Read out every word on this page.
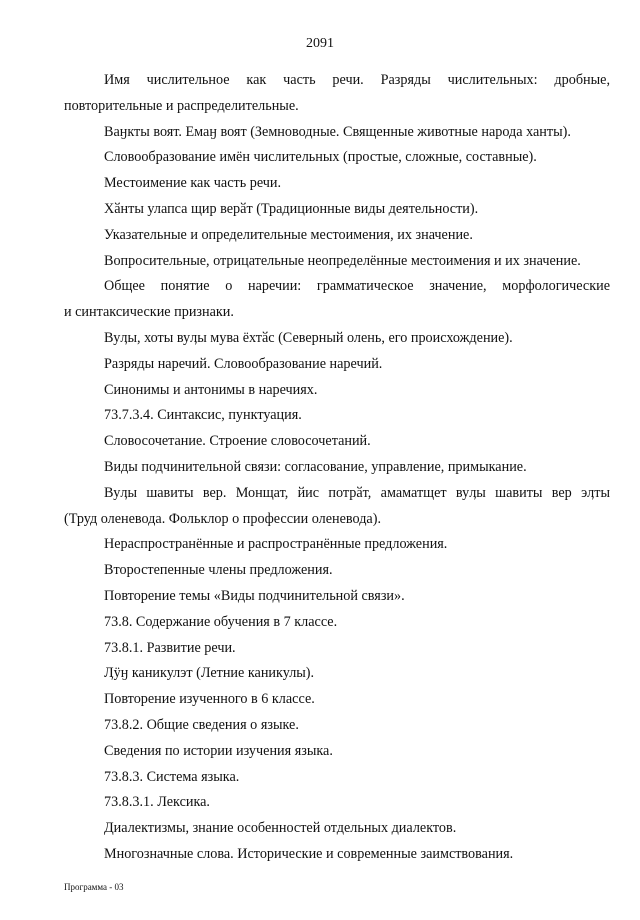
2091
Имя числительное как часть речи. Разряды числительных: дробные,
повторительные и распределительные.
Ваӈкты воят. Емаӈ воят (Земноводные. Священные животные народа ханты).
Словообразование имён числительных (простые, сложные, составные).
Местоимение как часть речи.
Хӑнты улапса щир верӑт (Традиционные виды деятельности).
Указательные и определительные местоимения, их значение.
Вопросительные, отрицательные неопределённые местоимения и их значение.
Общее понятие о наречии: грамматическое значение, морфологические
и синтаксические признаки.
Вуӆы, хоты вуӆы мува ёхтӑс (Северный олень, его происхождение).
Разряды наречий. Словообразование наречий.
Синонимы и антонимы в наречиях.
73.7.3.4. Синтаксис, пунктуация.
Словосочетание. Строение словосочетаний.
Виды подчинительной связи: согласование, управление, примыкание.
Вуӆы шавиты вер. Монщат, йис потрӑт, амаматщет вуӆы шавиты вер эӆты
(Труд оленевода. Фольклор о профессии оленевода).
Нераспространённые и распространённые предложения.
Второстепенные члены предложения.
Повторение темы «Виды подчинительной связи».
73.8. Содержание обучения в 7 классе.
73.8.1. Развитие речи.
Ӆӱӈ каникулэт (Летние каникулы).
Повторение изученного в 6 классе.
73.8.2. Общие сведения о языке.
Сведения по истории изучения языка.
73.8.3. Система языка.
73.8.3.1. Лексика.
Диалектизмы, знание особенностей отдельных диалектов.
Многозначные слова. Исторические и современные заимствования.
Программа - 03
